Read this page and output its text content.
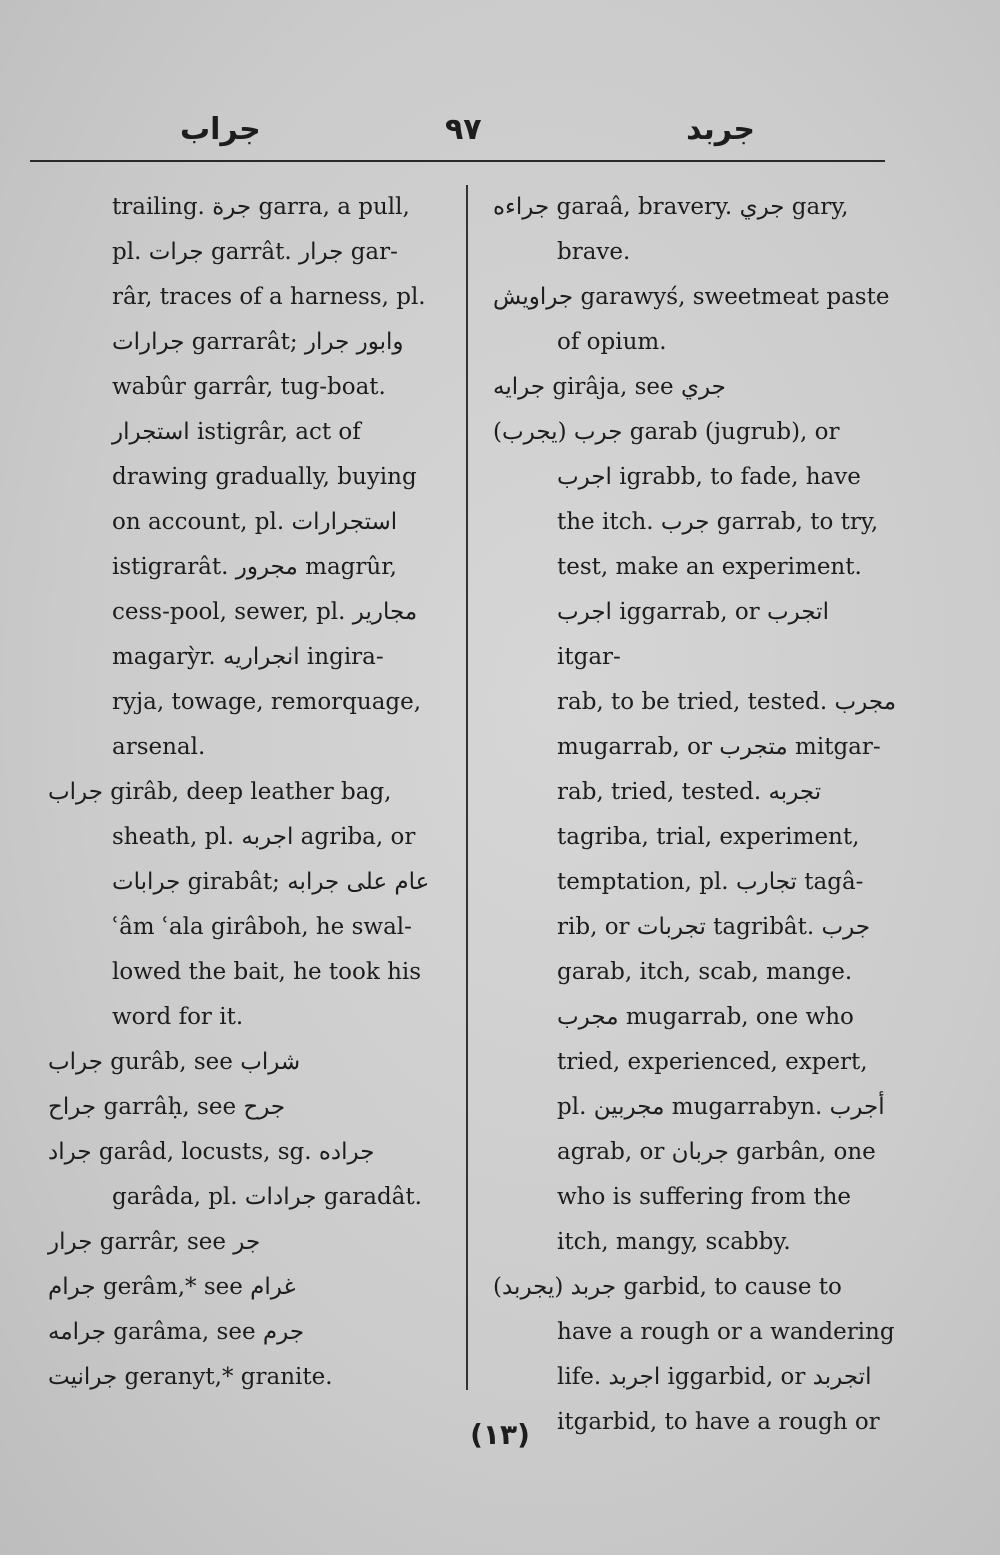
جراب	٩٧	جربد

trailing. جرة garra, a pull,

pl. جرات garrât. جرار gar-

râr, traces of a harness, pl.

جرارات garrarât; وابور جرار

wabûr garrâr, tug-boat.

استجرار istigrâr, act of

drawing gradually, buying

on account, pl. استجرارات

istigrarât. مجرور magrûr,

cess-pool, sewer, pl. مجارير

magarỳr. انجراريه ingira-

ryja, towage, remorquage,

arsenal.

جراب girâb, deep leather bag,

sheath, pl. اجربه agriba, or

جرابات girabât; عام على جرابه

ʿâm ʿala girâboh, he swal-

lowed the bait, he took his

word for it.

جراب gurâb, see شراب

جراح garrâḥ, see جرح

جراد garâd, locusts, sg. جراده

garâda, pl. جرادات garadât.

جرار garrâr, see جر

جرام gerâm,* see غرام

جرامه garâma, see جرم

جرانيت geranyt,* granite.

جراءه garaâ, bravery. جري gary,

brave.

جراويش garawyś, sweetmeat paste

of opium.

جرايه girâja, see جري

جرب (يجرب) garab (jugrub), or

اجرب igrabb, to fade, have

the itch. جرب garrab, to try,

test, make an experiment.

اجرب iggarrab, or اتجرب itgar-

rab, to be tried, tested. مجرب

mugarrab, or متجرب mitgar-

rab, tried, tested. تجربه

tagriba, trial, experiment,

temptation, pl. تجارب tagâ-

rib, or تجربات tagribât. جرب

garab, itch, scab, mange.

مجرب mugarrab, one who

tried, experienced, expert,

pl. مجربين mugarrabyn. أجرب

agrab, or جربان garbân, one

who is suffering from the

itch, mangy, scabby.

جربد (يجربد) garbid, to cause to

have a rough or a wandering

life. اجربد iggarbid, or اتجربد

itgarbid, to have a rough or

(١٣)
